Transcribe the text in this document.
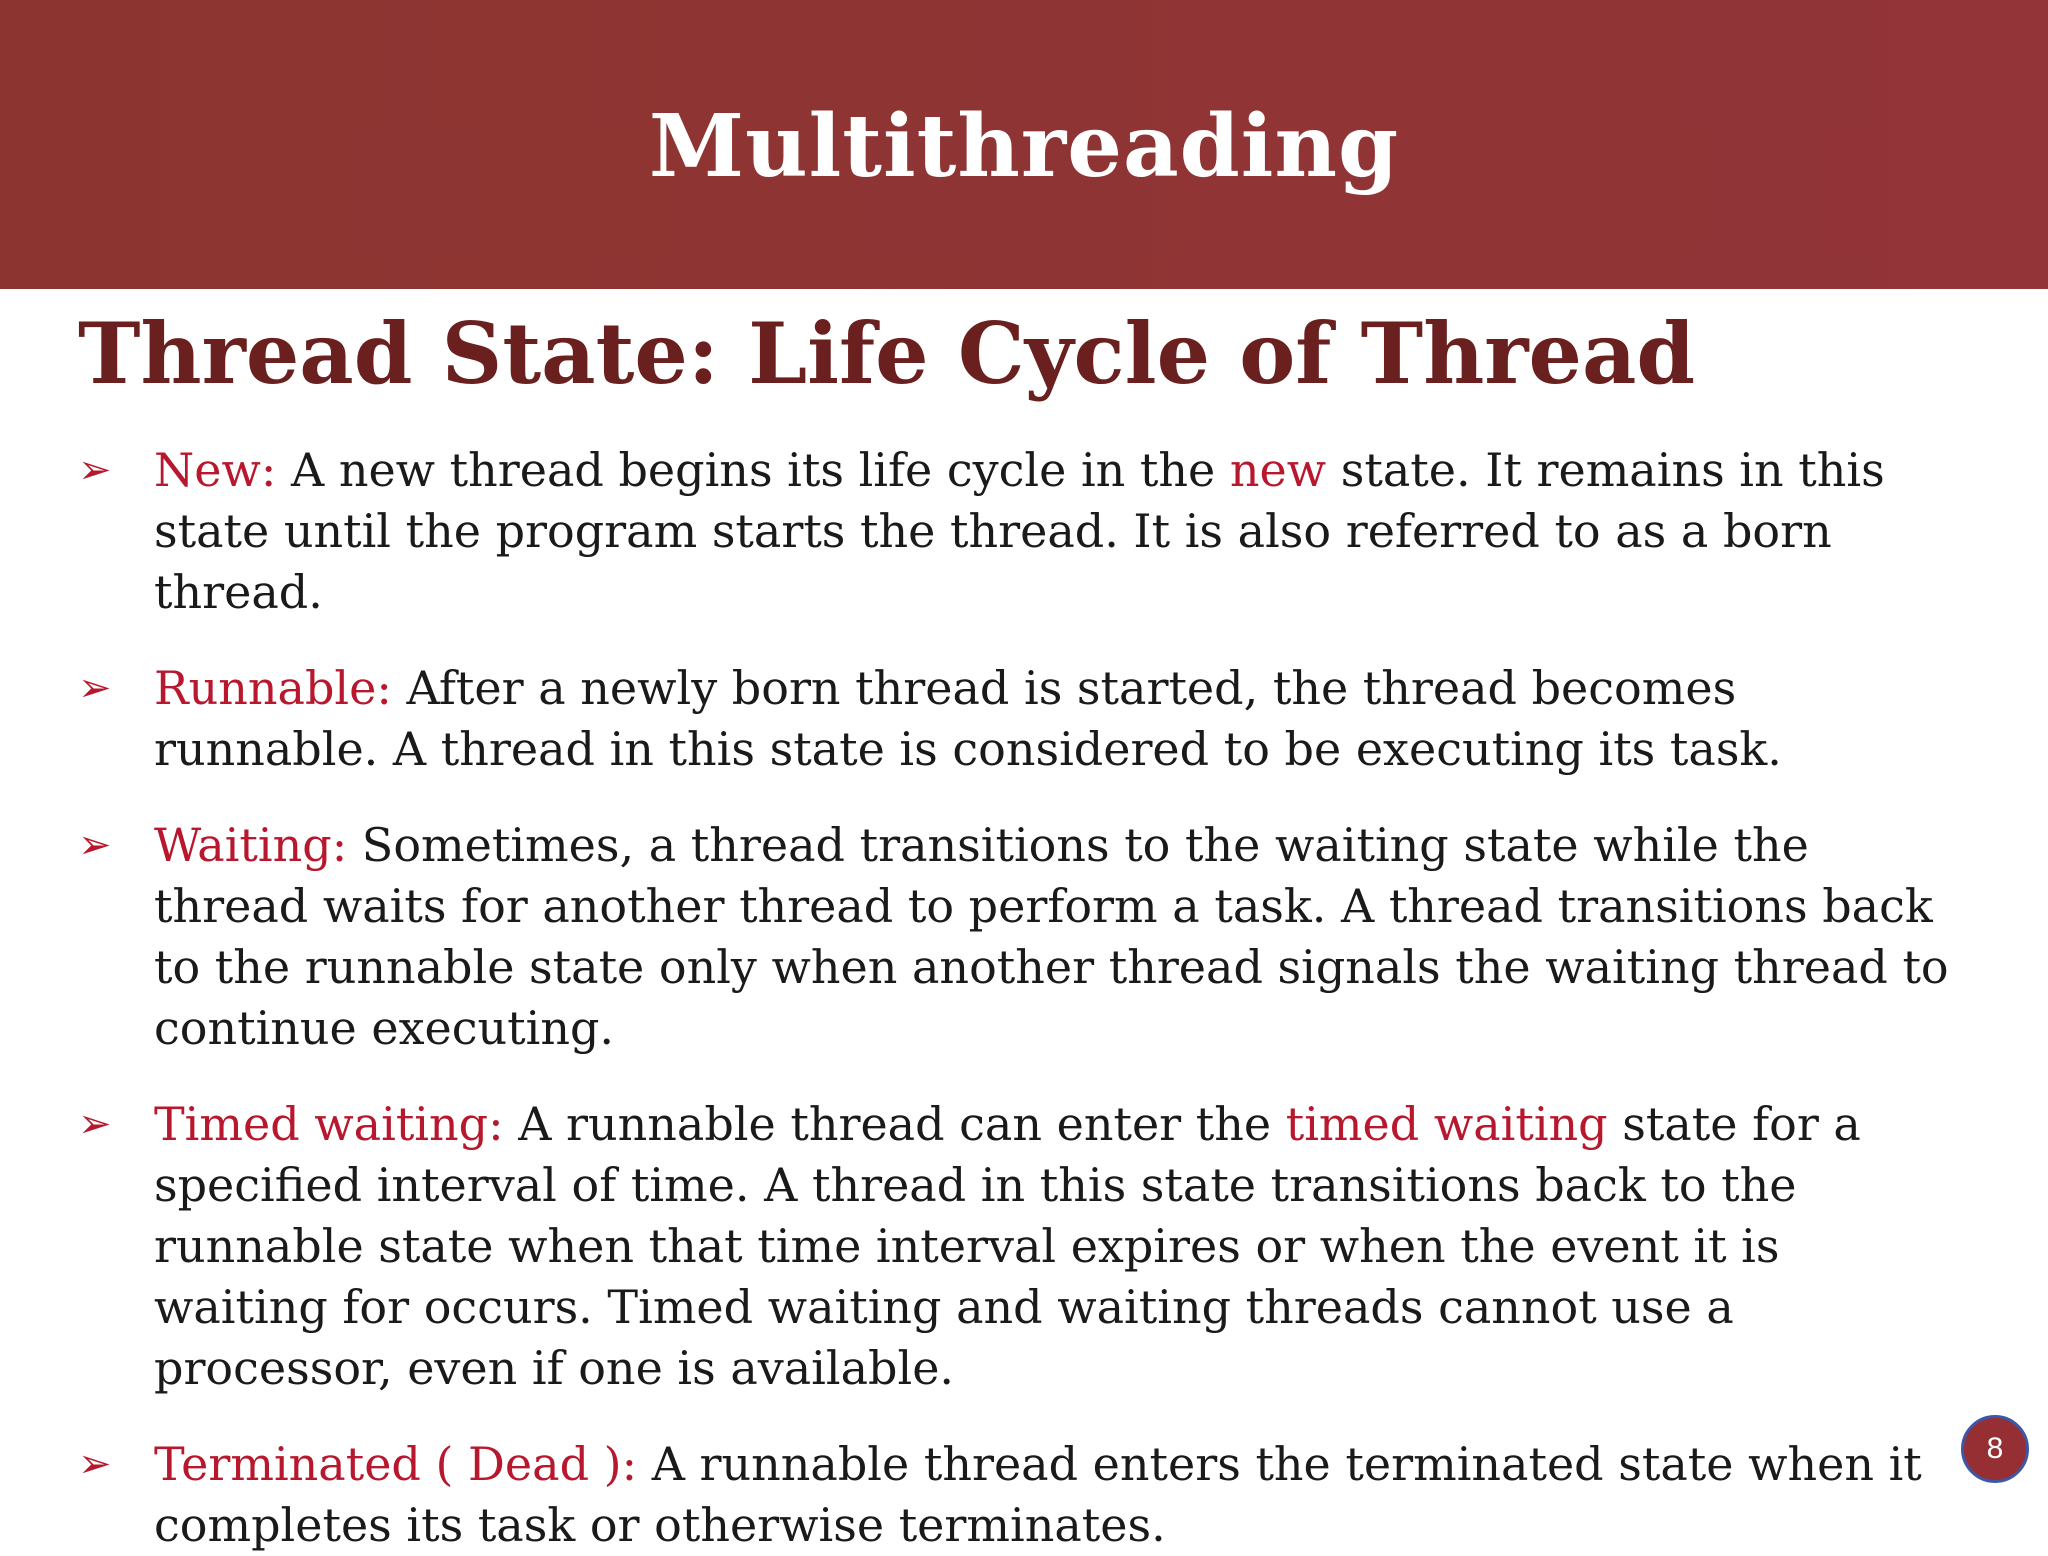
Multithreading
Thread State: Life Cycle of Thread
➢ New: A new thread begins its life cycle in the new state. It remains in this
state until the program starts the thread. It is also referred to as a born
thread.
➢ Runnable: After a newly born thread is started, the thread becomes
runnable. A thread in this state is considered to be executing its task.
➢ Waiting: Sometimes, a thread transitions to the waiting state while the
thread waits for another thread to perform a task. A thread transitions back
to the runnable state only when another thread signals the waiting thread to
continue executing.
➢ Timed waiting: A runnable thread can enter the timed waiting state for a
specified interval of time. A thread in this state transitions back to the
runnable state when that time interval expires or when the event it is
waiting for occurs. Timed waiting and waiting threads cannot use a
processor, even if one is available.
➢ Terminated ( Dead ): A runnable thread enters the terminated state when it
completes its task or otherwise terminates.
8
